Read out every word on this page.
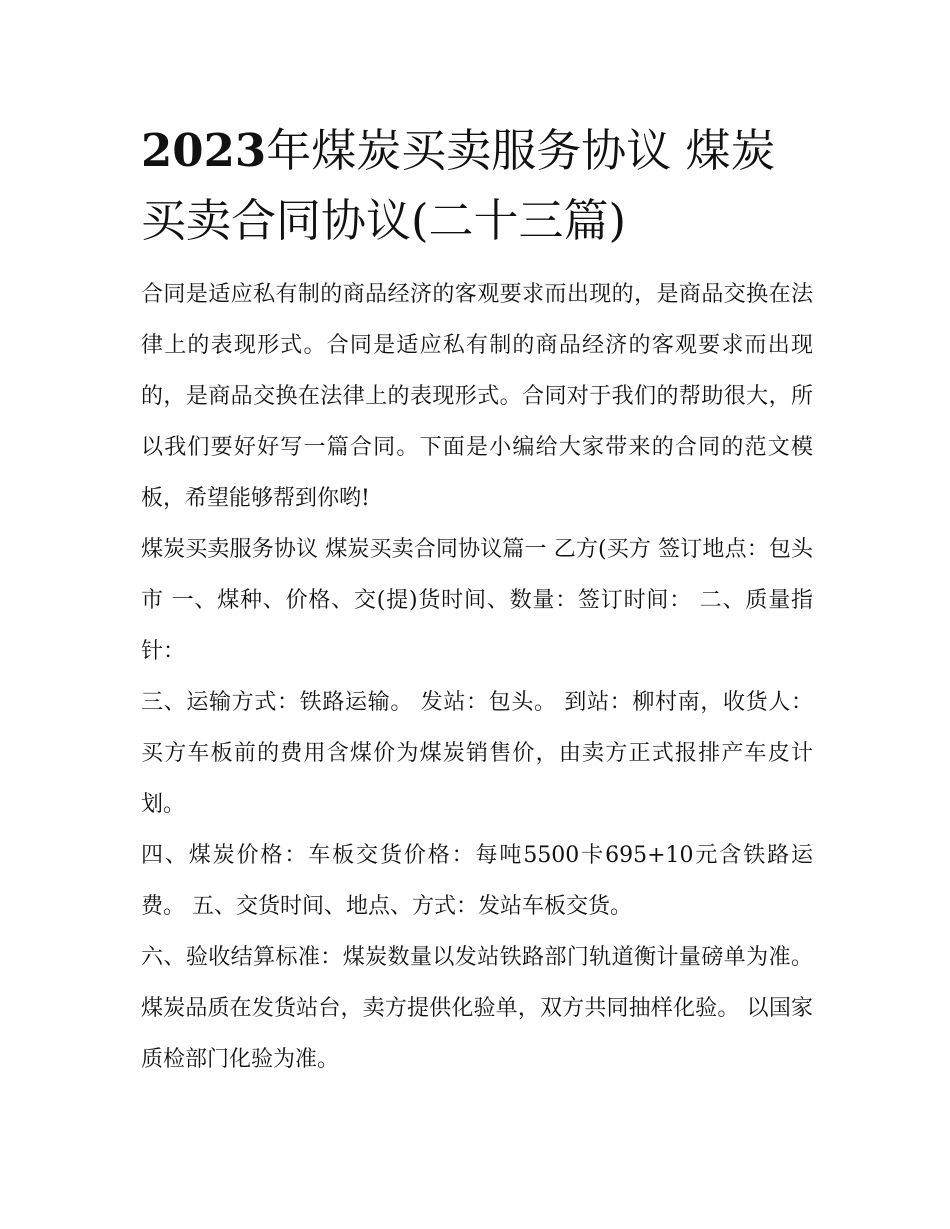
2023年煤炭买卖服务协议 煤炭买卖合同协议(二十三篇)

合同是适应私有制的商品经济的客观要求而出现的，是商品交换在法律上的表现形式。合同是适应私有制的商品经济的客观要求而出现的，是商品交换在法律上的表现形式。合同对于我们的帮助很大，所以我们要好好写一篇合同。下面是小编给大家带来的合同的范文模板，希望能够帮到你哟!

煤炭买卖服务协议 煤炭买卖合同协议篇一 乙方(买方 签订地点：包头市 一、煤种、价格、交(提)货时间、数量：签订时间： 二、质量指针：

三、运输方式：铁路运输。 发站：包头。 到站：柳村南，收货人：买方车板前的费用含煤价为煤炭销售价，由卖方正式报排产车皮计划。

四、煤炭价格：车板交货价格：每吨5500卡695+10元含铁路运费。 五、交货时间、地点、方式：发站车板交货。

六、验收结算标准：煤炭数量以发站铁路部门轨道衡计量磅单为准。 煤炭品质在发货站台，卖方提供化验单，双方共同抽样化验。 以国家质检部门化验为准。
